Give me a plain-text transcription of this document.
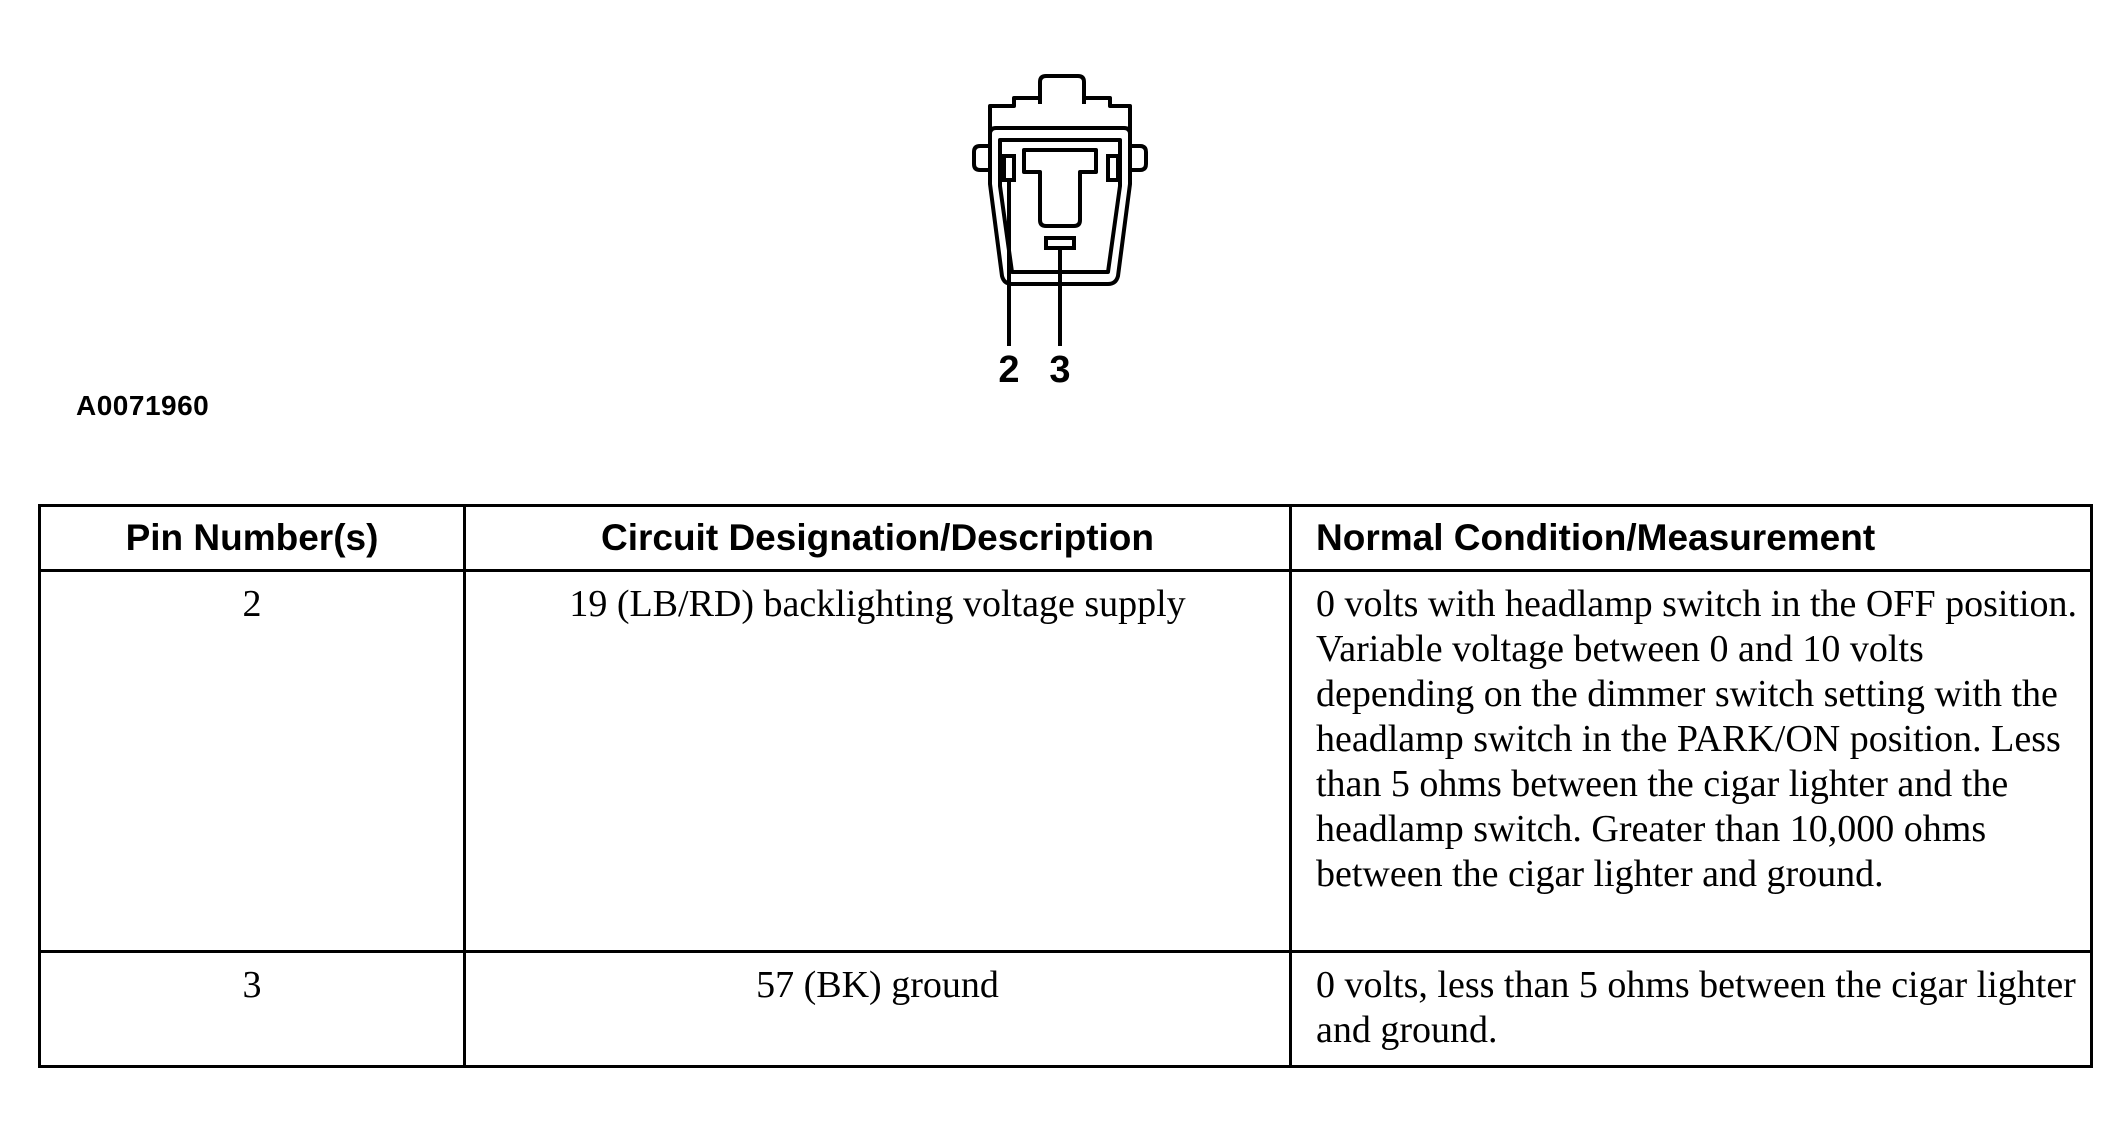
2 3
A0071960
Pin Number(s)	Circuit Designation/Description	Normal Condition/Measurement
2	19 (LB/RD) backlighting voltage supply	0 volts with headlamp switch in the OFF position. Variable voltage between 0 and 10 volts depending on the dimmer switch setting with the headlamp switch in the PARK/ON position. Less than 5 ohms between the cigar lighter and the headlamp switch. Greater than 10,000 ohms between the cigar lighter and ground.
3	57 (BK) ground	0 volts, less than 5 ohms between the cigar lighter and ground.
